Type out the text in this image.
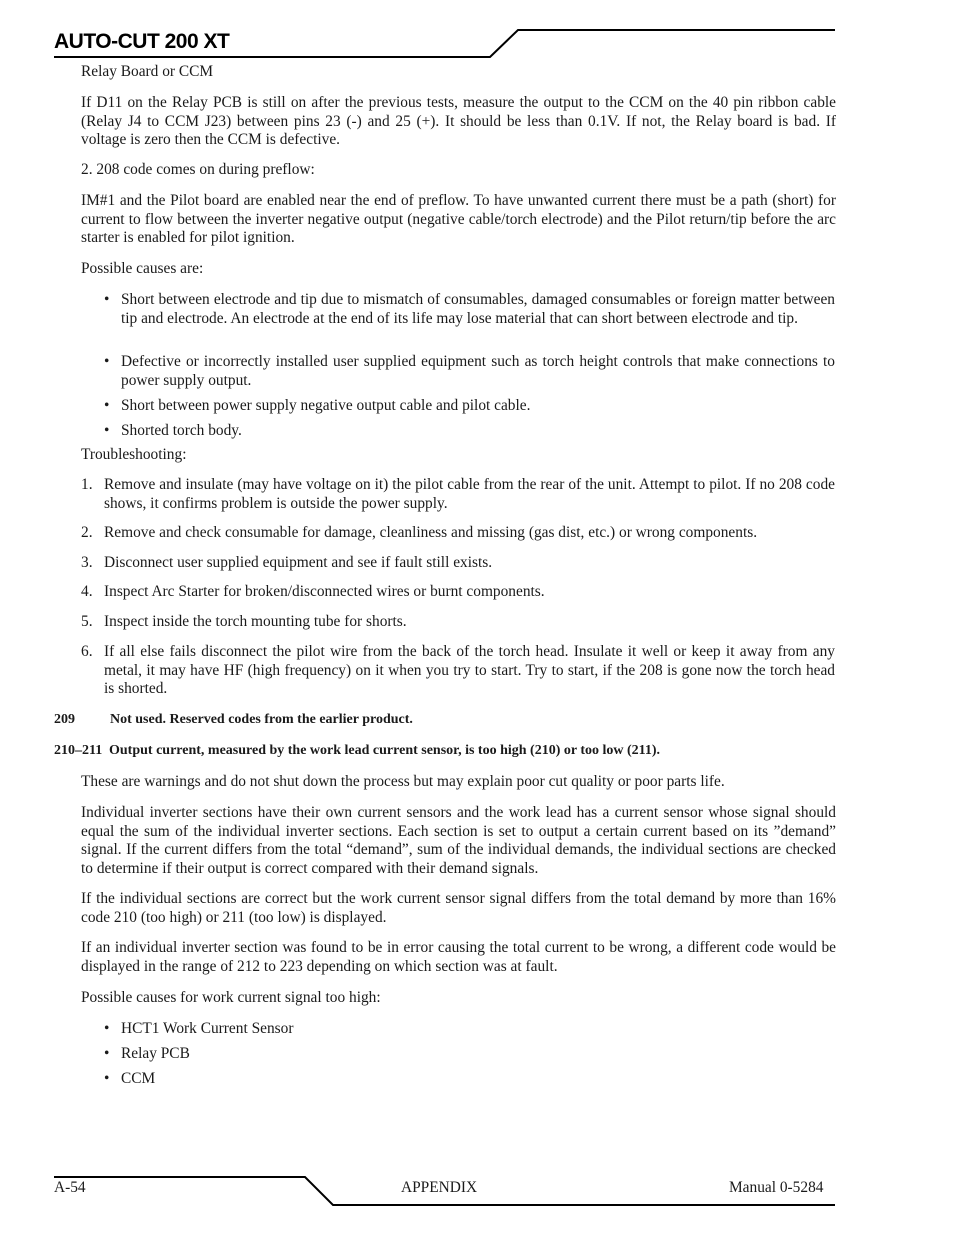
AUTO-CUT 200 XT

Relay Board or CCM

If D11 on the Relay PCB is still on after the previous tests, measure the output to the CCM on the 40 pin ribbon cable (Relay J4 to CCM J23) between pins 23 (-) and 25 (+). It should be less than 0.1V. If not, the Relay board is bad. If voltage is zero then the CCM is defective.

2. 208 code comes on during preflow:

IM#1 and the Pilot board are enabled near the end of preflow. To have unwanted current there must be a path (short) for current to flow between the inverter negative output (negative cable/torch electrode) and the Pilot return/tip before the arc starter is enabled for pilot ignition.

Possible causes are:

• Short between electrode and tip due to mismatch of consumables, damaged consumables or foreign matter between tip and electrode. An electrode at the end of its life may lose material that can short between electrode and tip.

• Defective or incorrectly installed user supplied equipment such as torch height controls that make connections to power supply output.

• Short between power supply negative output cable and pilot cable.

• Shorted torch body.

Troubleshooting:

1. Remove and insulate (may have voltage on it) the pilot cable from the rear of the unit. Attempt to pilot. If no 208 code shows, it confirms problem is outside the power supply.

2. Remove and check consumable for damage, cleanliness and missing (gas dist, etc.) or wrong components.

3. Disconnect user supplied equipment and see if fault still exists.

4. Inspect Arc Starter for broken/disconnected wires or burnt components.

5. Inspect inside the torch mounting tube for shorts.

6. If all else fails disconnect the pilot wire from the back of the torch head. Insulate it well or keep it away from any metal, it may have HF (high frequency) on it when you try to start. Try to start, if the 208 is gone now the torch head is shorted.

209	Not used. Reserved codes from the earlier product.
210–211 Output current, measured by the work lead current sensor, is too high (210) or too low (211).

These are warnings and do not shut down the process but may explain poor cut quality or poor parts life.

Individual inverter sections have their own current sensors and the work lead has a current sensor whose signal should equal the sum of the individual inverter sections. Each section is set to output a certain current based on its ”demand” signal. If the current differs from the total “demand”, sum of the individual demands, the individual sections are checked to determine if their output is correct compared with their demand signals.

If the individual sections are correct but the work current sensor signal differs from the total demand by more than 16% code 210 (too high) or 211 (too low) is displayed.

If an individual inverter section was found to be in error causing the total current to be wrong, a different code would be displayed in the range of 212 to 223 depending on which section was at fault.

Possible causes for work current signal too high:

• HCT1 Work Current Sensor

• Relay PCB

• CCM

A-54	APPENDIX	Manual 0-5284
